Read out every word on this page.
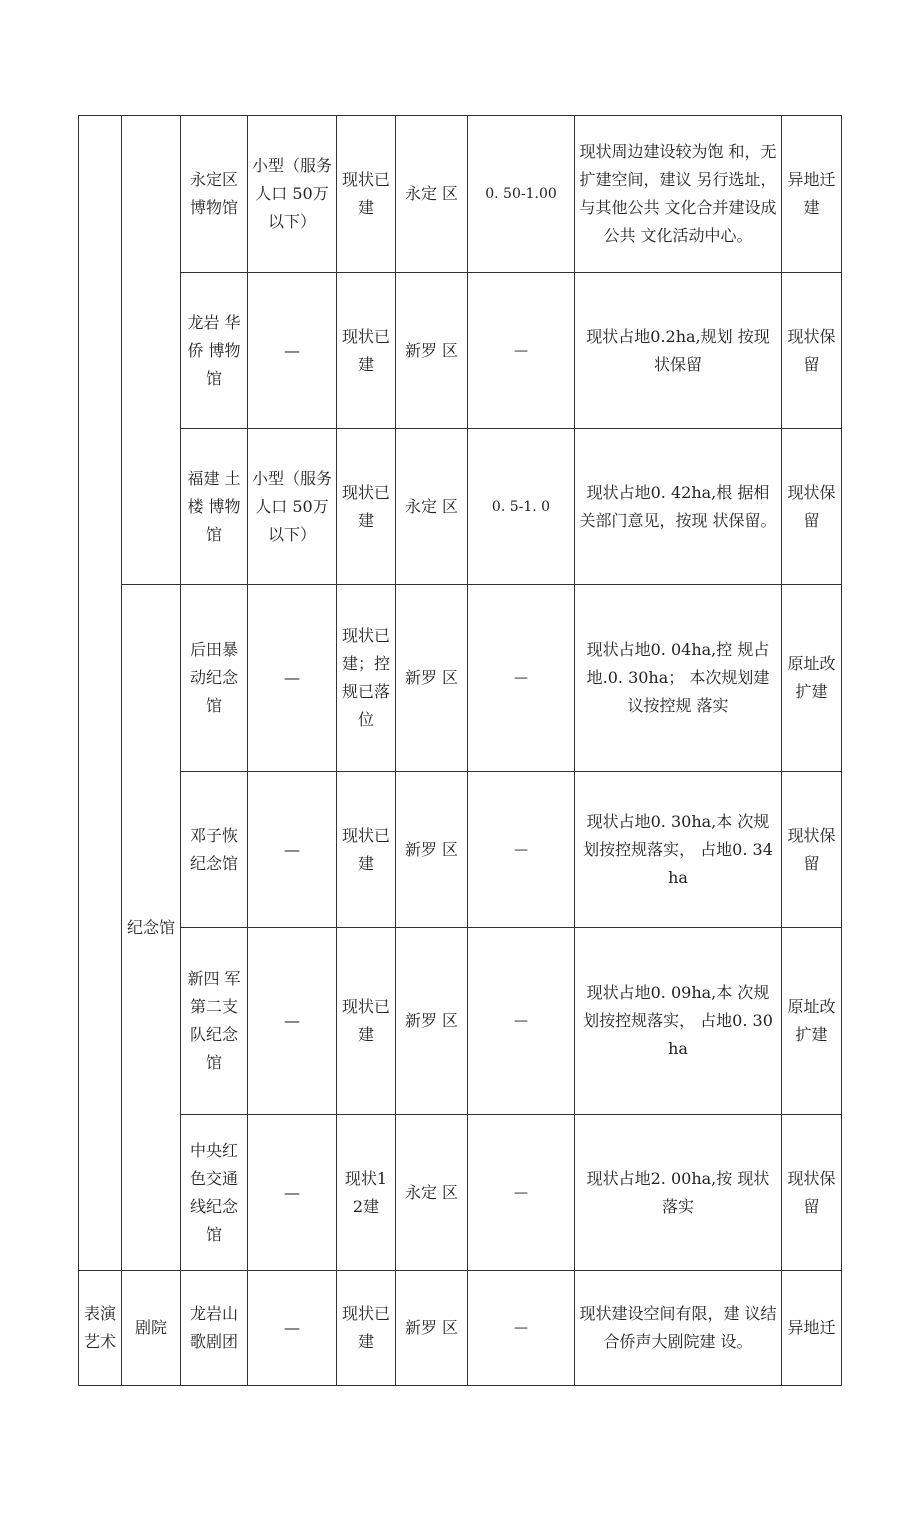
		永定区博物馆	小型（服务人口 50万以下）	现状已建	永定 区	0. 50-1.00	现状周边建设较为饱 和，无扩建空间，建议 另行选址，与其他公共 文化合并建设成公共 文化活动中心。	异地迁建
		龙岩 华侨 博物馆	—	现状已建	新罗 区	—	现状占地0.2ha,规划 按现状保留	现状保留
		福建 土楼 博物馆	小型（服务人口 50万以下）	现状已建	永定 区	0. 5-1. 0	现状占地0. 42ha,根 据相关部门意见，按现 状保留。	现状保留
	纪念馆	后田暴动纪念馆	—	现状已 建；控规已落位	新罗 区	—	现状占地0. 04ha,控 规占地.0. 30ha； 本次规划建议按控规 落实	原址改扩建
		邓子恢纪念馆	—	现状已建	新罗 区	—	现状占地0. 30ha,本 次规划按控规落实， 占地0. 34ha	现状保留
		新四 军第二支队纪念馆	—	现状已建	新罗 区	—	现状占地0. 09ha,本 次规划按控规落实， 占地0. 30ha	原址改扩建
		中央红色交通线纪念馆	—	现状12建	永定 区	—	现状占地2. 00ha,按 现状落实	现状保留
表演艺术	剧院	龙岩山歌剧团	—	现状已建	新罗 区	—	现状建设空间有限，建 议结合侨声大剧院建 设。	异地迁
